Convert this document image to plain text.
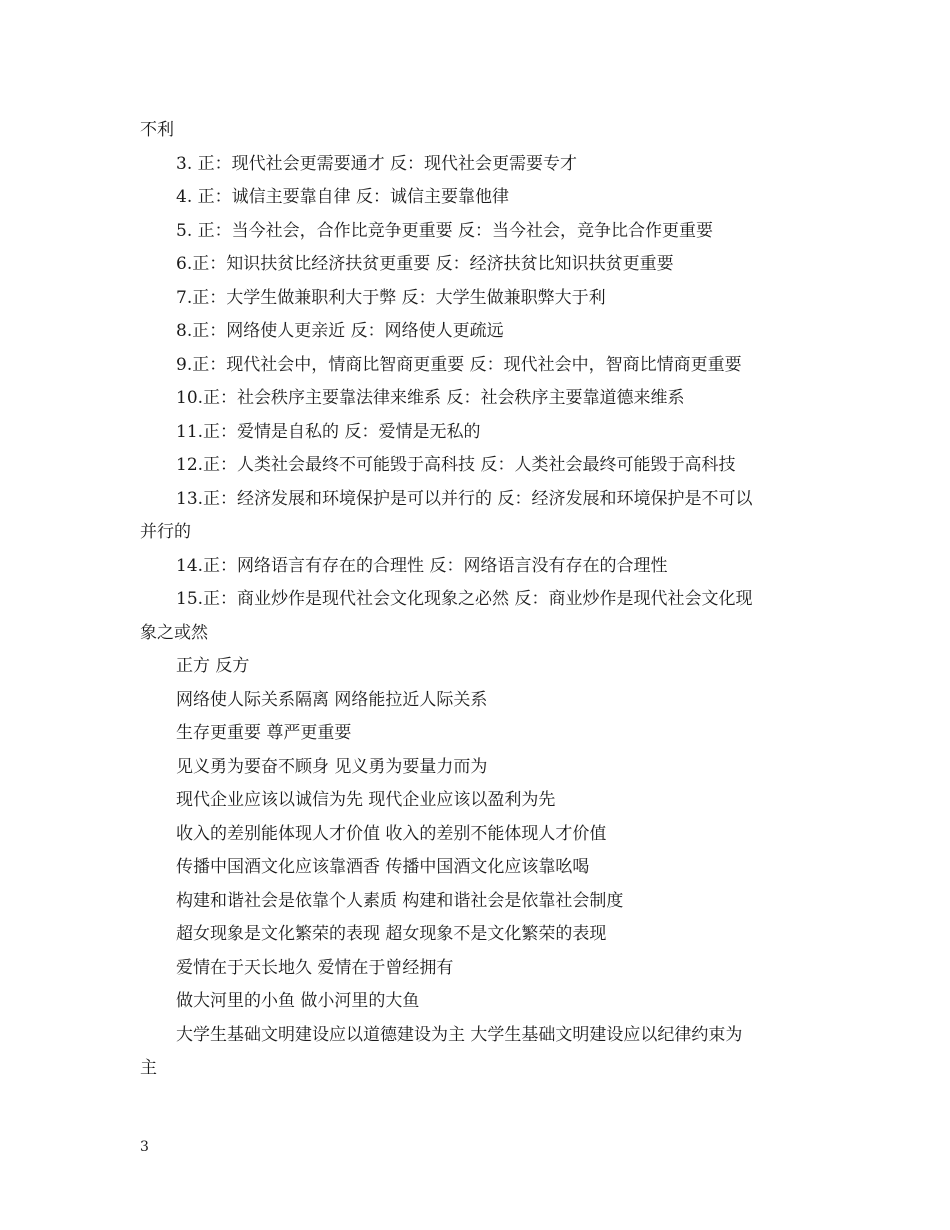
不利
3. 正：现代社会更需要通才 反：现代社会更需要专才
4. 正：诚信主要靠自律 反：诚信主要靠他律
5. 正：当今社会，合作比竞争更重要 反：当今社会，竞争比合作更重要
6.正：知识扶贫比经济扶贫更重要 反：经济扶贫比知识扶贫更重要
7.正：大学生做兼职利大于弊 反：大学生做兼职弊大于利
8.正：网络使人更亲近 反：网络使人更疏远
9.正：现代社会中，情商比智商更重要 反：现代社会中，智商比情商更重要
10.正：社会秩序主要靠法律来维系 反：社会秩序主要靠道德来维系
11.正：爱情是自私的 反：爱情是无私的
12.正：人类社会最终不可能毁于高科技 反：人类社会最终可能毁于高科技
13.正：经济发展和环境保护是可以并行的 反：经济发展和环境保护是不可以
并行的
14.正：网络语言有存在的合理性 反：网络语言没有存在的合理性
15.正：商业炒作是现代社会文化现象之必然 反：商业炒作是现代社会文化现
象之或然
正方 反方
网络使人际关系隔离 网络能拉近人际关系
生存更重要 尊严更重要
见义勇为要奋不顾身 见义勇为要量力而为
现代企业应该以诚信为先 现代企业应该以盈利为先
收入的差别能体现人才价值 收入的差别不能体现人才价值
传播中国酒文化应该靠酒香 传播中国酒文化应该靠吆喝
构建和谐社会是依靠个人素质 构建和谐社会是依靠社会制度
超女现象是文化繁荣的表现 超女现象不是文化繁荣的表现
爱情在于天长地久 爱情在于曾经拥有
做大河里的小鱼 做小河里的大鱼
大学生基础文明建设应以道德建设为主 大学生基础文明建设应以纪律约束为
主
3
